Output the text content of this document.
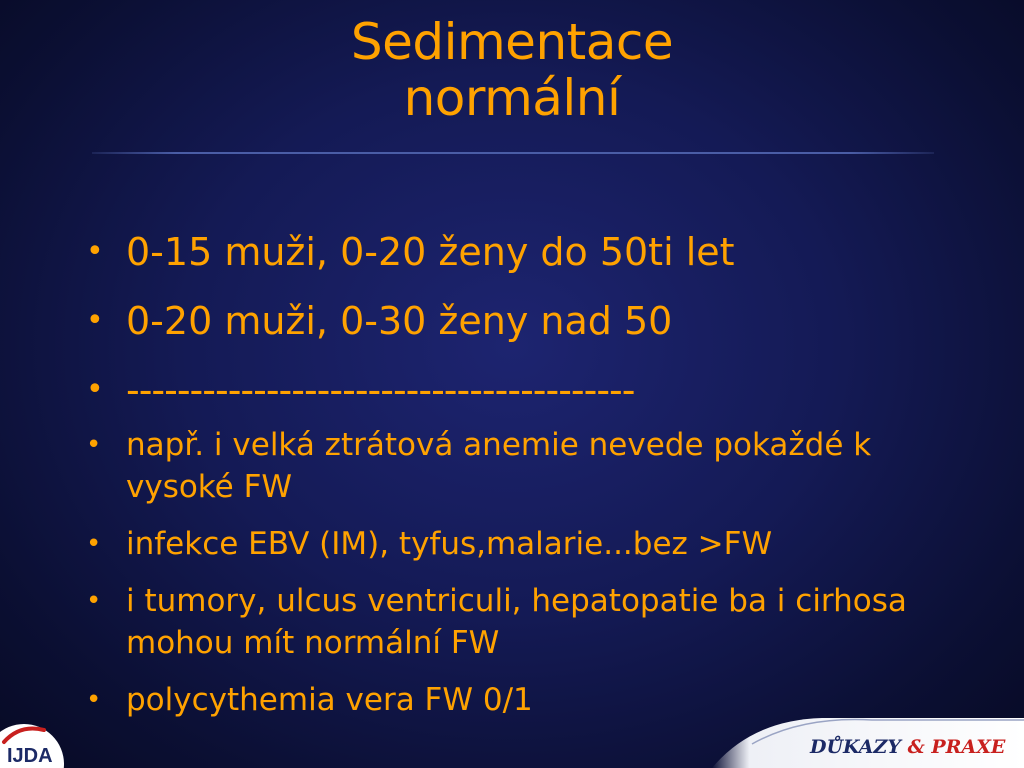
Sedimentace
normální
• 0-15 muži, 0-20 ženy do 50ti let
• 0-20 muži, 0-30 ženy nad 50
• ----------------------------------------
• např. i velká ztrátová anemie nevede pokaždé k vysoké FW
• infekce EBV (IM), tyfus,malarie...bez >FW
• i tumory, ulcus ventriculi, hepatopatie ba i cirhosa mohou mít normální FW
• polycythemia vera FW 0/1
IJDA	DŮKAZY & PRAXE
